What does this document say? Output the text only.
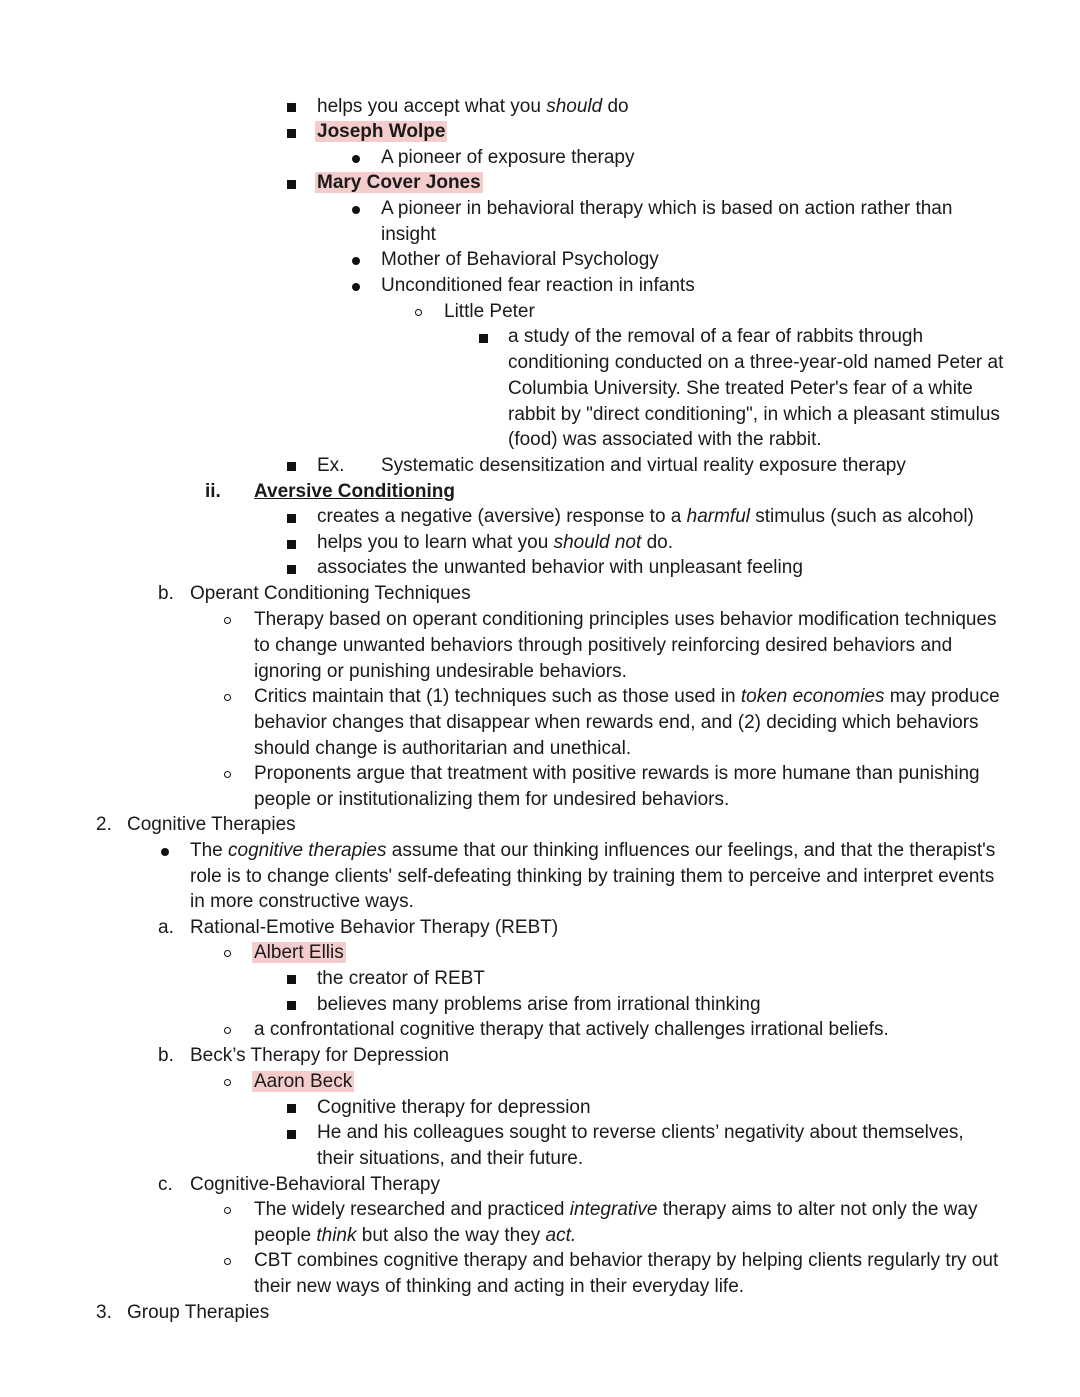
helps you accept what you should do
Joseph Wolpe
A pioneer of exposure therapy
Mary Cover Jones
A pioneer in behavioral therapy which is based on action rather than
insight
Mother of Behavioral Psychology
Unconditioned fear reaction in infants
Little Peter
a study of the removal of a fear of rabbits through
conditioning conducted on a three-year-old named Peter at
Columbia University. She treated Peter's fear of a white
rabbit by "direct conditioning", in which a pleasant stimulus
(food) was associated with the rabbit.
Ex. Systematic desensitization and virtual reality exposure therapy
ii. Aversive Conditioning
creates a negative (aversive) response to a harmful stimulus (such as alcohol)
helps you to learn what you should not do.
associates the unwanted behavior with unpleasant feeling
b. Operant Conditioning Techniques
Therapy based on operant conditioning principles uses behavior modification techniques
to change unwanted behaviors through positively reinforcing desired behaviors and
ignoring or punishing undesirable behaviors.
Critics maintain that (1) techniques such as those used in token economies may produce
behavior changes that disappear when rewards end, and (2) deciding which behaviors
should change is authoritarian and unethical.
Proponents argue that treatment with positive rewards is more humane than punishing
people or institutionalizing them for undesired behaviors.
2. Cognitive Therapies
The cognitive therapies assume that our thinking influences our feelings, and that the therapist's
role is to change clients' self-defeating thinking by training them to perceive and interpret events
in more constructive ways.
a. Rational-Emotive Behavior Therapy (REBT)
Albert Ellis
the creator of REBT
believes many problems arise from irrational thinking
a confrontational cognitive therapy that actively challenges irrational beliefs.
b. Beck’s Therapy for Depression
Aaron Beck
Cognitive therapy for depression
He and his colleagues sought to reverse clients’ negativity about themselves,
their situations, and their future.
c. Cognitive-Behavioral Therapy
The widely researched and practiced integrative therapy aims to alter not only the way
people think but also the way they act.
CBT combines cognitive therapy and behavior therapy by helping clients regularly try out
their new ways of thinking and acting in their everyday life.
3. Group Therapies
